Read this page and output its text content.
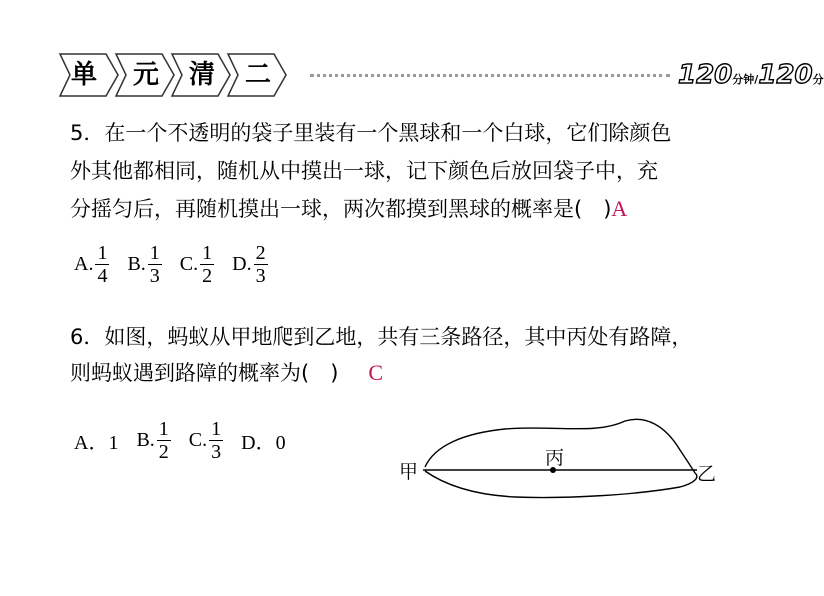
单 元 清 二	120分钟/120分
5．在一个不透明的袋子里装有一个黑球和一个白球，它们除颜色
外其他都相同，随机从中摸出一球，记下颜色后放回袋子中，充
分摇匀后，再随机摸出一球，两次都摸到黑球的概率是(　)A
A. $\frac{1}{4} B$. $\frac{1}{3} C$. $\frac{1}{2} D$. $\frac{2}{3}$
6．如图，蚂蚁从甲地爬到乙地，共有三条路径，其中丙处有路障，
则蚂蚁遇到路障的概率为(　) C
A．1 B. $\frac{1}{2} C$. $\frac{1}{3}$ D．0
甲
丙
乙
